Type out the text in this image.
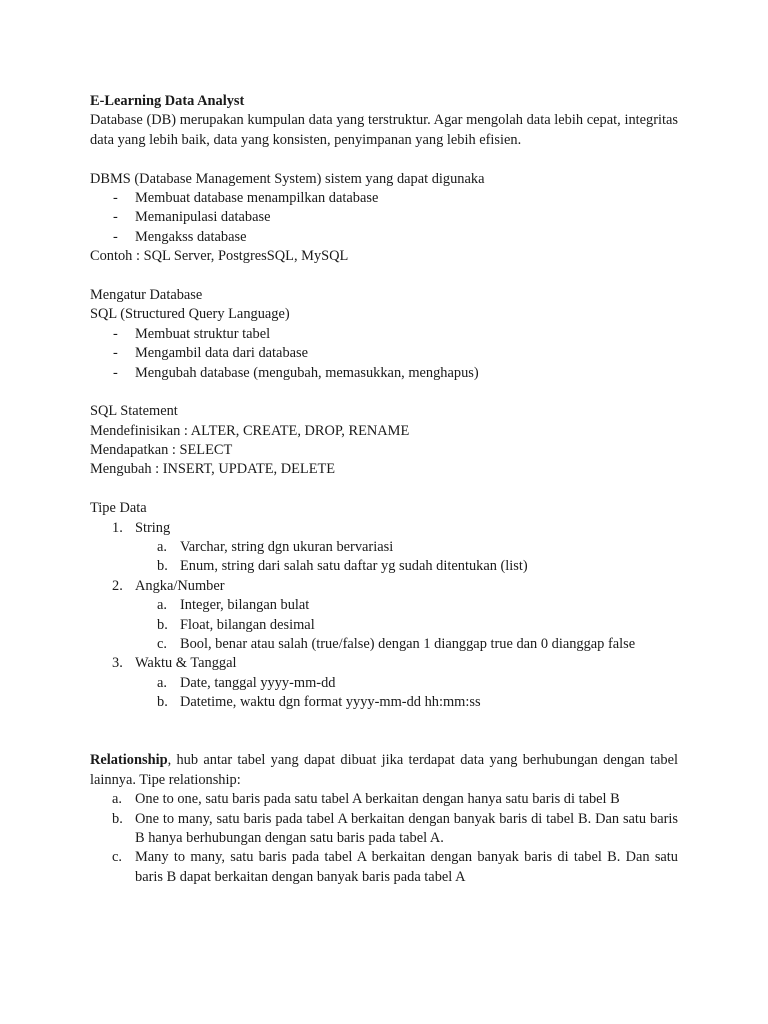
E-Learning Data Analyst
Database (DB) merupakan kumpulan data yang terstruktur. Agar mengolah data lebih cepat, integritas data yang lebih baik, data yang konsisten, penyimpanan yang lebih efisien.
DBMS (Database Management System) sistem yang dapat digunaka
- Membuat database menampilkan database
- Memanipulasi database
- Mengakss database
Contoh : SQL Server, PostgresSQL, MySQL
Mengatur Database
SQL (Structured Query Language)
- Membuat struktur tabel
- Mengambil data dari database
- Mengubah database (mengubah, memasukkan, menghapus)
SQL Statement
Mendefinisikan : ALTER, CREATE, DROP, RENAME
Mendapatkan : SELECT
Mengubah : INSERT, UPDATE, DELETE
Tipe Data
1. String
a. Varchar, string dgn ukuran bervariasi
b. Enum, string dari salah satu daftar yg sudah ditentukan (list)
2. Angka/Number
a. Integer, bilangan bulat
b. Float, bilangan desimal
c. Bool, benar atau salah (true/false) dengan 1 dianggap true dan 0 dianggap false
3. Waktu & Tanggal
a. Date, tanggal yyyy-mm-dd
b. Datetime, waktu dgn format yyyy-mm-dd hh:mm:ss
Relationship, hub antar tabel yang dapat dibuat jika terdapat data yang berhubungan dengan tabel lainnya. Tipe relationship:
a. One to one, satu baris pada satu tabel A berkaitan dengan hanya satu baris di tabel B
b. One to many, satu baris pada tabel A berkaitan dengan banyak baris di tabel B. Dan satu baris B hanya berhubungan dengan satu baris pada tabel A.
c. Many to many, satu baris pada tabel A berkaitan dengan banyak baris di tabel B. Dan satu baris B dapat berkaitan dengan banyak baris pada tabel A
